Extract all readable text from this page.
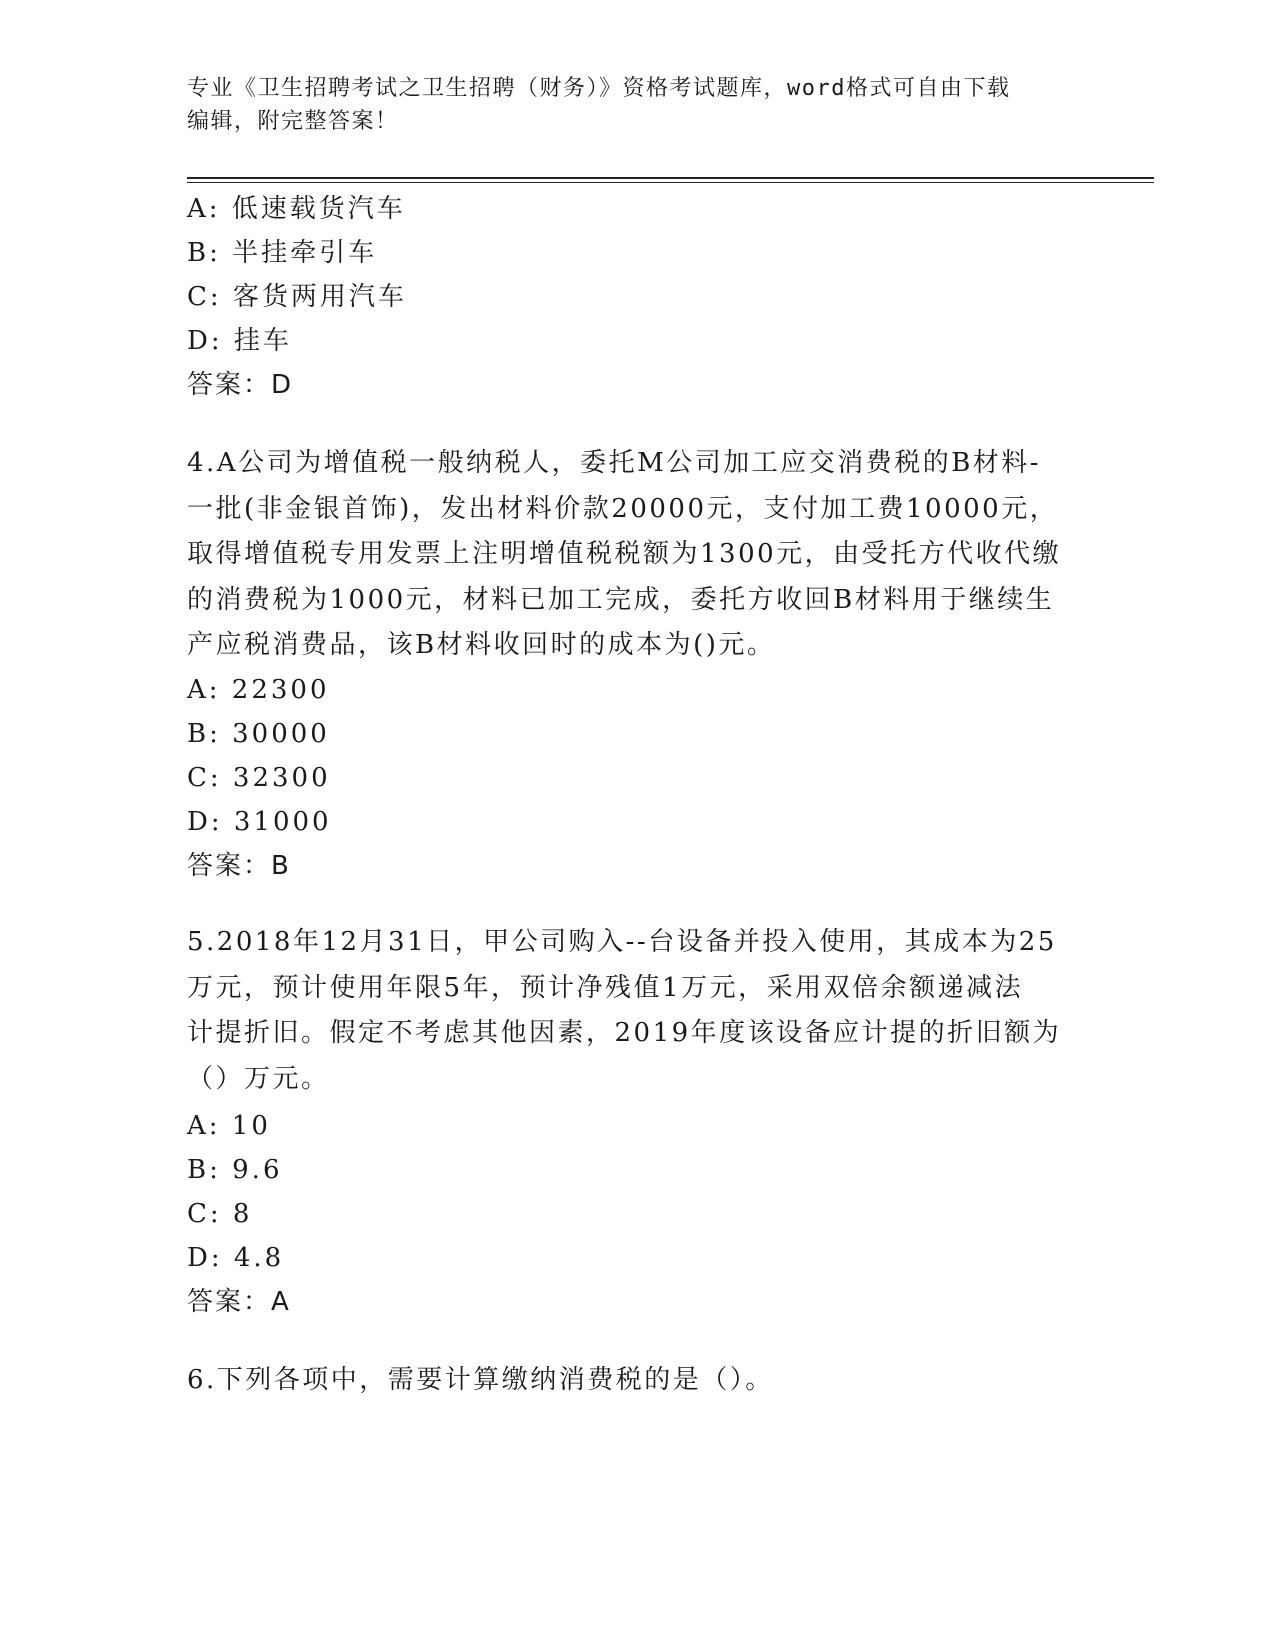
专业《卫生招聘考试之卫生招聘（财务）》资格考试题库，word格式可自由下载
编辑，附完整答案！
A: 低速载货汽车
B: 半挂牵引车
C: 客货两用汽车
D: 挂车
答案：D
4.A公司为增值税一般纳税人，委托M公司加工应交消费税的B材料-
一批(非金银首饰)，发出材料价款20000元，支付加工费10000元，
取得增值税专用发票上注明增值税税额为1300元，由受托方代收代缴
的消费税为1000元，材料已加工完成，委托方收回B材料用于继续生
产应税消费品，该B材料收回时的成本为()元。
A: 22300
B: 30000
C: 32300
D: 31000
答案：B
5.2018年12月31日，甲公司购入--台设备并投入使用，其成本为25
万元，预计使用年限5年，预计净残值1万元，采用双倍余额递减法
计提折旧。假定不考虑其他因素，2019年度该设备应计提的折旧额为
（）万元。
A: 10
B: 9.6
C: 8
D: 4.8
答案：A
6.下列各项中，需要计算缴纳消费税的是（）。
